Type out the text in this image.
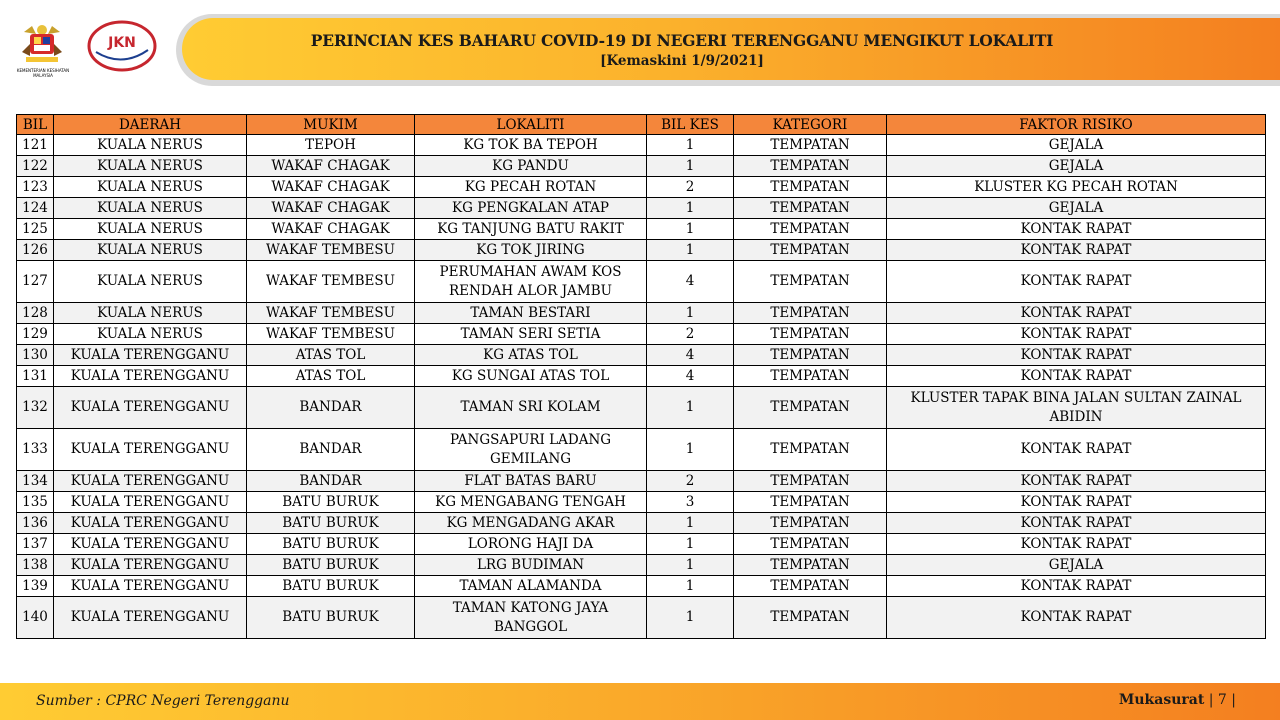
KEMENTERIAN KESIHATAN MALAYSIA
JKN	PERINCIAN KES BAHARU COVID-19 DI NEGERI TERENGGANU MENGIKUT LOKALITI
[Kemaskini 1/9/2021]
BIL	DAERAH	MUKIM	LOKALITI	BIL KES	KATEGORI	FAKTOR RISIKO
121	KUALA NERUS	TEPOH	KG TOK BA TEPOH	1	TEMPATAN	GEJALA
122	KUALA NERUS	WAKAF CHAGAK	KG PANDU	1	TEMPATAN	GEJALA
123	KUALA NERUS	WAKAF CHAGAK	KG PECAH ROTAN	2	TEMPATAN	KLUSTER KG PECAH ROTAN
124	KUALA NERUS	WAKAF CHAGAK	KG PENGKALAN ATAP	1	TEMPATAN	GEJALA
125	KUALA NERUS	WAKAF CHAGAK	KG TANJUNG BATU RAKIT	1	TEMPATAN	KONTAK RAPAT
126	KUALA NERUS	WAKAF TEMBESU	KG TOK JIRING	1	TEMPATAN	KONTAK RAPAT
127	KUALA NERUS	WAKAF TEMBESU	PERUMAHAN AWAM KOS RENDAH ALOR JAMBU	4	TEMPATAN	KONTAK RAPAT
128	KUALA NERUS	WAKAF TEMBESU	TAMAN BESTARI	1	TEMPATAN	KONTAK RAPAT
129	KUALA NERUS	WAKAF TEMBESU	TAMAN SERI SETIA	2	TEMPATAN	KONTAK RAPAT
130	KUALA TERENGGANU	ATAS TOL	KG ATAS TOL	4	TEMPATAN	KONTAK RAPAT
131	KUALA TERENGGANU	ATAS TOL	KG SUNGAI ATAS TOL	4	TEMPATAN	KONTAK RAPAT
132	KUALA TERENGGANU	BANDAR	TAMAN SRI KOLAM	1	TEMPATAN	KLUSTER TAPAK BINA JALAN SULTAN ZAINAL ABIDIN
133	KUALA TERENGGANU	BANDAR	PANGSAPURI LADANG GEMILANG	1	TEMPATAN	KONTAK RAPAT
134	KUALA TERENGGANU	BANDAR	FLAT BATAS BARU	2	TEMPATAN	KONTAK RAPAT
135	KUALA TERENGGANU	BATU BURUK	KG MENGABANG TENGAH	3	TEMPATAN	KONTAK RAPAT
136	KUALA TERENGGANU	BATU BURUK	KG MENGADANG AKAR	1	TEMPATAN	KONTAK RAPAT
137	KUALA TERENGGANU	BATU BURUK	LORONG HAJI DA	1	TEMPATAN	KONTAK RAPAT
138	KUALA TERENGGANU	BATU BURUK	LRG BUDIMAN	1	TEMPATAN	GEJALA
139	KUALA TERENGGANU	BATU BURUK	TAMAN ALAMANDA	1	TEMPATAN	KONTAK RAPAT
140	KUALA TERENGGANU	BATU BURUK	TAMAN KATONG JAYA BANGGOL	1	TEMPATAN	KONTAK RAPAT
Sumber : CPRC Negeri Terengganu	Mukasurat | 7 |
